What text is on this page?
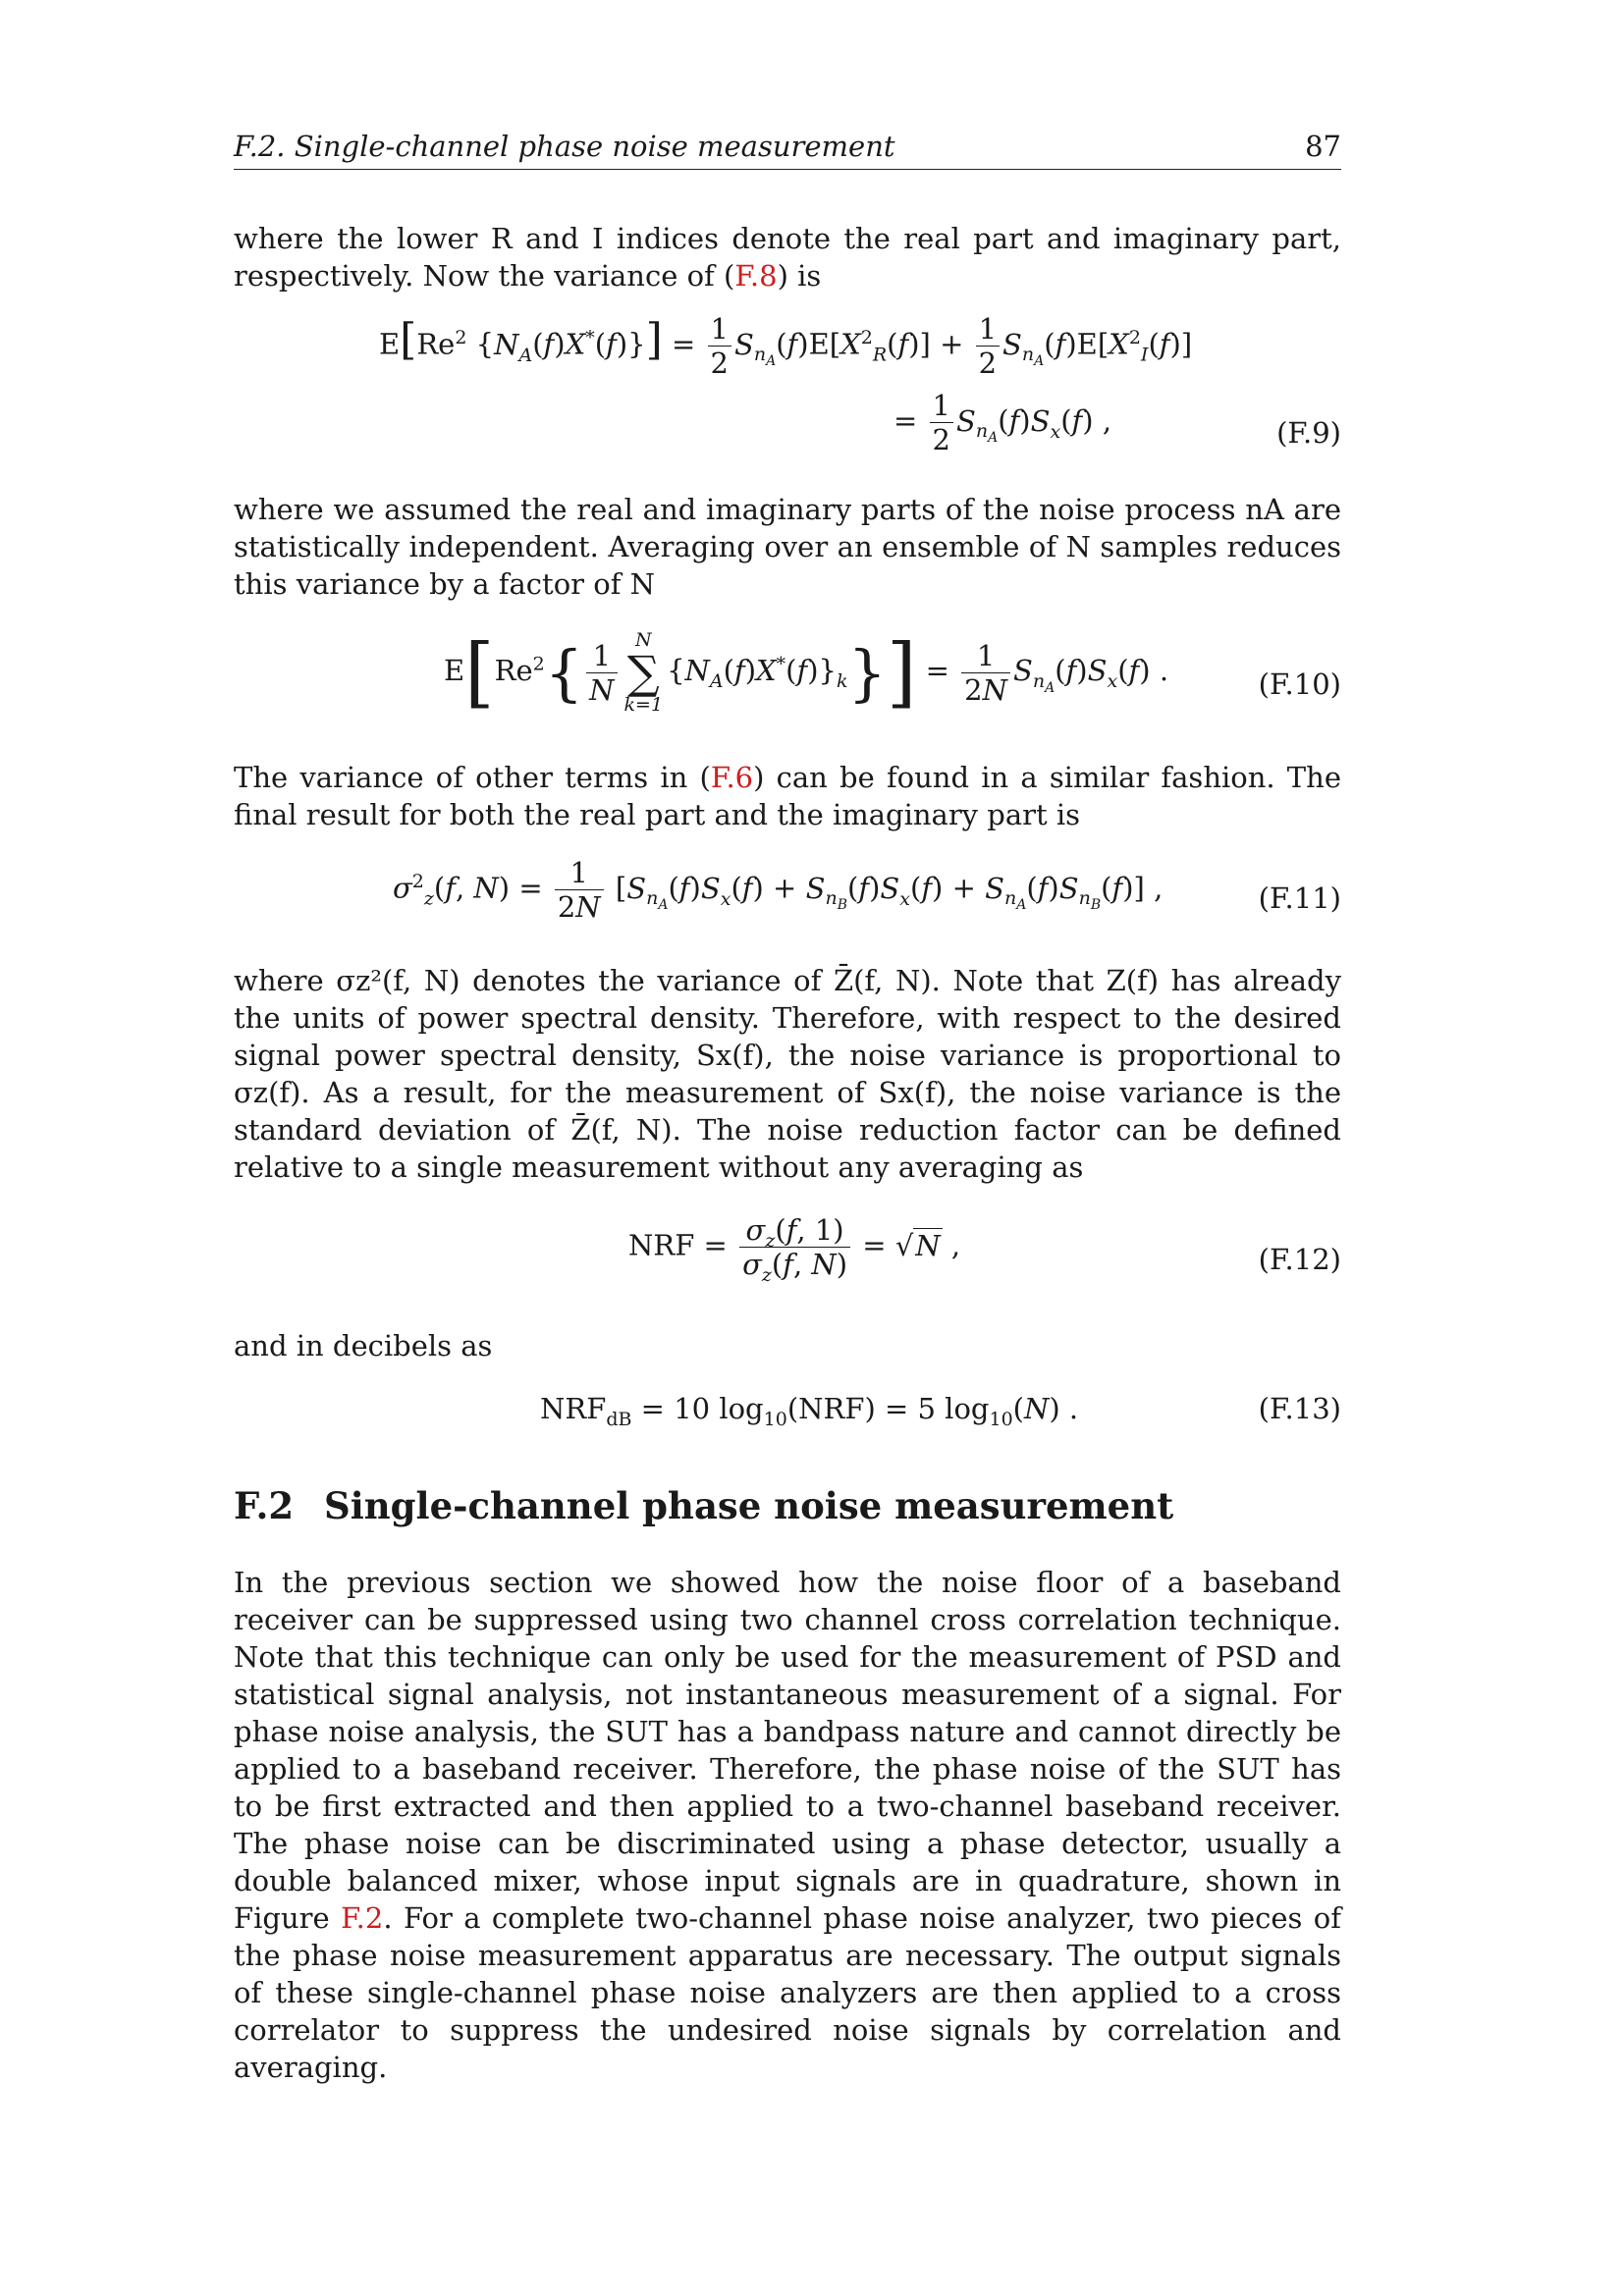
F.2. Single-channel phase noise measurement	87

where the lower R and I indices denote the real part and imaginary part, respectively. Now the variance of (F.8) is

E[Re$^2$ $\{N_A(f)X^*(f)\}] = \frac{1}{2} S_{n_A}(f)E[X^2_R(f)] + \frac{1}{2} S_{n_A}(f)E[X^2_I(f)]$
= $\frac{1}{2} S_{n_A}(f)S_x(f)$ ,	(F.9)

where we assumed the real and imaginary parts of the noise process nA are statistically independent. Averaging over an ensemble of N samples reduces this variance by a factor of N

$E[Re^2\{ \frac{1}{N}$ N
∑
k=1
$\{N_A(f)X^*(f)\}_k\}] = \frac{1}{2N} S_{n_A}(f)S_x(f)$ .	(F.10)

The variance of other terms in (F.6) can be found in a similar fashion. The final result for both the real part and the imaginary part is

$\sigma^2_z(f$, $N) = \frac{1}{2N} [S_{n_A}(f)S_x(f) + S_{n_B}(f)S_x(f) + S_{n_A}(f)S_{n_B}(f)]$ ,	(F.11)

where σz²(f, N) denotes the variance of Z̄(f, N). Note that Z(f) has already the units of power spectral density. Therefore, with respect to the desired signal power spectral density, Sx(f), the noise variance is proportional to σz(f). As a result, for the measurement of Sx(f), the noise variance is the standard deviation of Z̄(f, N). The noise reduction factor can be defined relative to a single measurement without any averaging as

NRF = $\frac{\sigma_z(f, 1)}{\sigma_z(f, N)} = √N$ ,	(F.12)

and in decibels as

$NRF_{dB} = 10$ $\log_{10}(NRF) = 5$ $\log_{10}(N)$ .	(F.13)
F.2 Single-channel phase noise measurement

In the previous section we showed how the noise floor of a baseband receiver can be suppressed using two channel cross correlation technique. Note that this technique can only be used for the measurement of PSD and statistical signal analysis, not instantaneous measurement of a signal. For phase noise analysis, the SUT has a bandpass nature and cannot directly be applied to a baseband receiver. Therefore, the phase noise of the SUT has to be first extracted and then applied to a two-channel baseband receiver. The phase noise can be discriminated using a phase detector, usually a double balanced mixer, whose input signals are in quadrature, shown in Figure F.2. For a complete two-channel phase noise analyzer, two pieces of the phase noise measurement apparatus are necessary. The output signals of these single-channel phase noise analyzers are then applied to a cross correlator to suppress the undesired noise signals by correlation and averaging.
